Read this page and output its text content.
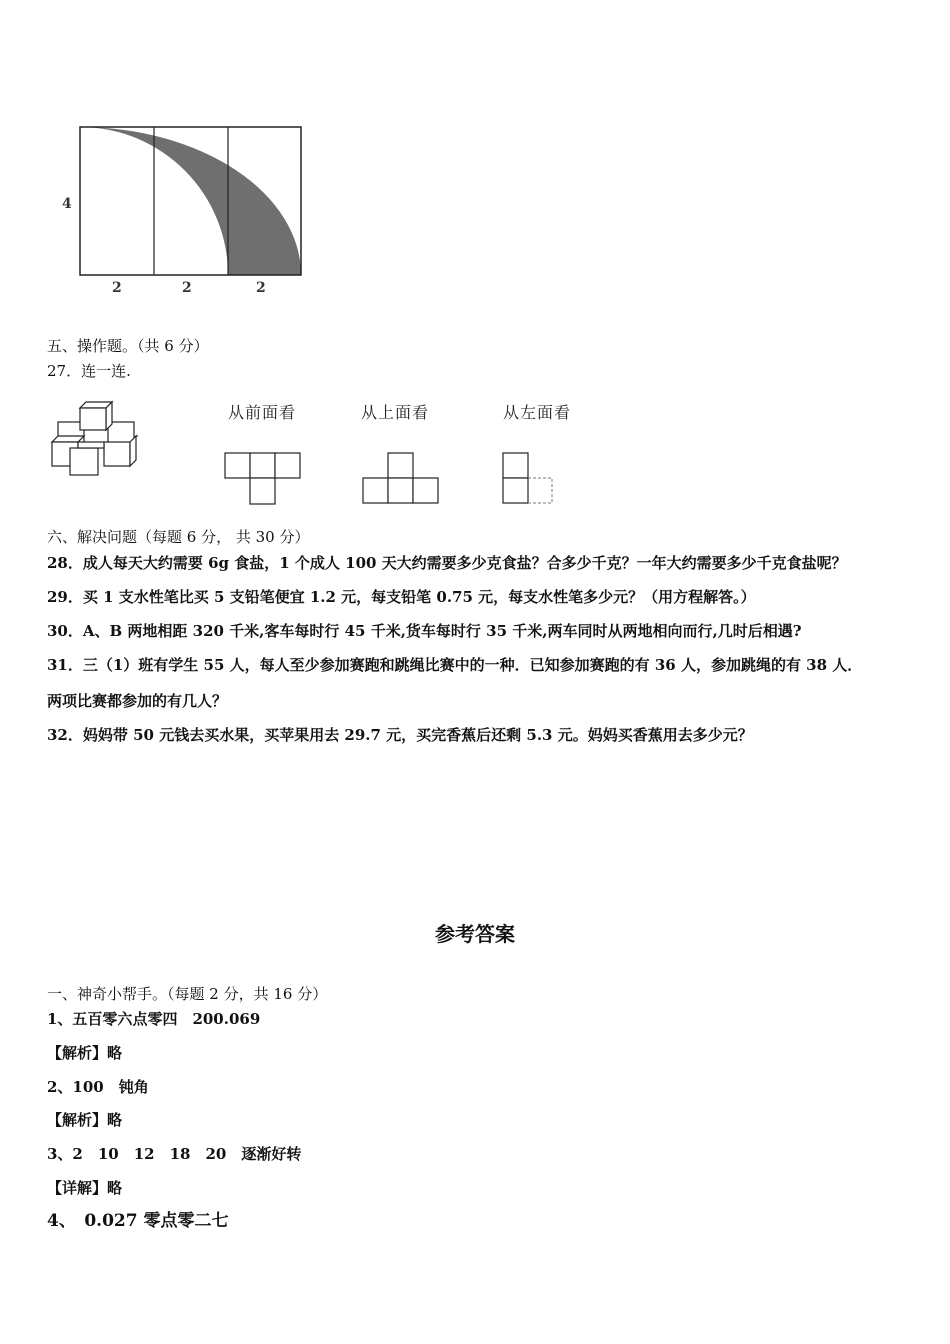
4
2	2	2
五、操作题。（共 6 分）
27．连一连.
从前面看	从上面看	从左面看
六、解决问题（每题 6 分， 共 30 分）
28．成人每天大约需要 6g 食盐，1 个成人 100 天大约需要多少克食盐？合多少千克？一年大约需要多少千克食盐呢？
29．买 1 支水性笔比买 5 支铅笔便宜 1.2 元，每支铅笔 0.75 元，每支水性笔多少元？（用方程解答。）
30．A、B 两地相距 320 千米,客车每时行 45 千米,货车每时行 35 千米,两车同时从两地相向而行,几时后相遇?
31．三（1）班有学生 55 人，每人至少参加赛跑和跳绳比赛中的一种．已知参加赛跑的有 36 人，参加跳绳的有 38 人．
两项比赛都参加的有几人？
32．妈妈带 50 元钱去买水果，买苹果用去 29.7 元，买完香蕉后还剩 5.3 元。妈妈买香蕉用去多少元？
参考答案
一、神奇小帮手。（每题 2 分，共 16 分）
1、五百零六点零四　200.069
【解析】略
2、100　钝角
【解析】略
3、2　10　12　18　20　逐渐好转
【详解】略
4、　0.027 零点零二七
